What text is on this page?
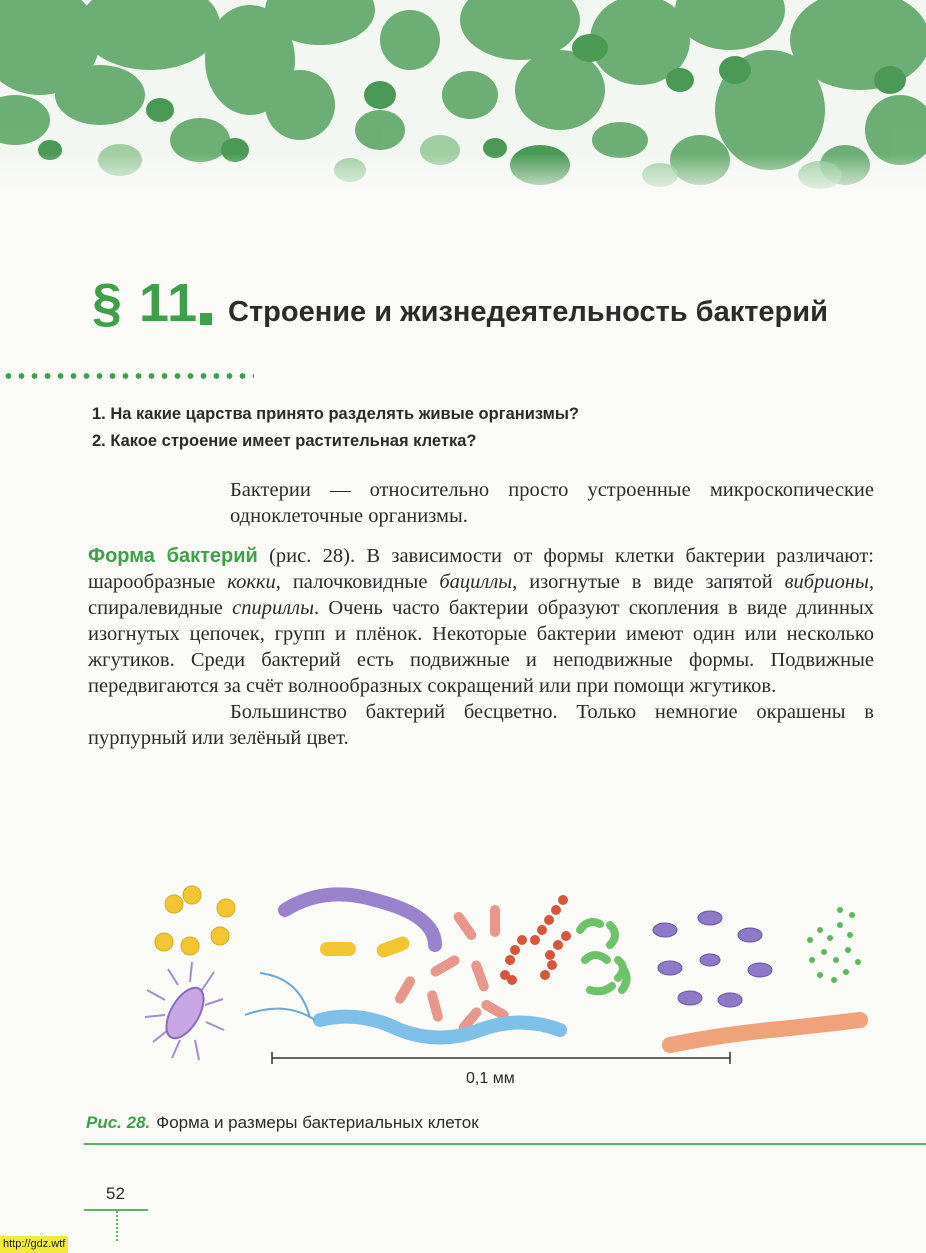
§ 11 Строение и жизнедеятельность бактерий
1. На какие царства принято разделять живые организмы?
2. Какое строение имеет растительная клетка?

Бактерии — относительно просто устроенные микроскопические одноклеточные организмы.

Форма бактерий (рис. 28). В зависимости от формы клетки бактерии различают: шарообразные кокки, палочковидные бациллы, изогнутые в виде запятой вибрионы, спиралевидные спириллы. Очень часто бактерии образуют скопления в виде длинных изогнутых цепочек, групп и плёнок. Некоторые бактерии имеют один или несколько жгутиков. Среди бактерий есть подвижные и неподвижные формы. Подвижные передвигаются за счёт волнообразных сокращений или при помощи жгутиков.

Большинство бактерий бесцветно. Только немногие окрашены в пурпурный или зелёный цвет.

0,1 мм
Рис. 28. Форма и размеры бактериальных клеток
52
http://gdz.wtf
